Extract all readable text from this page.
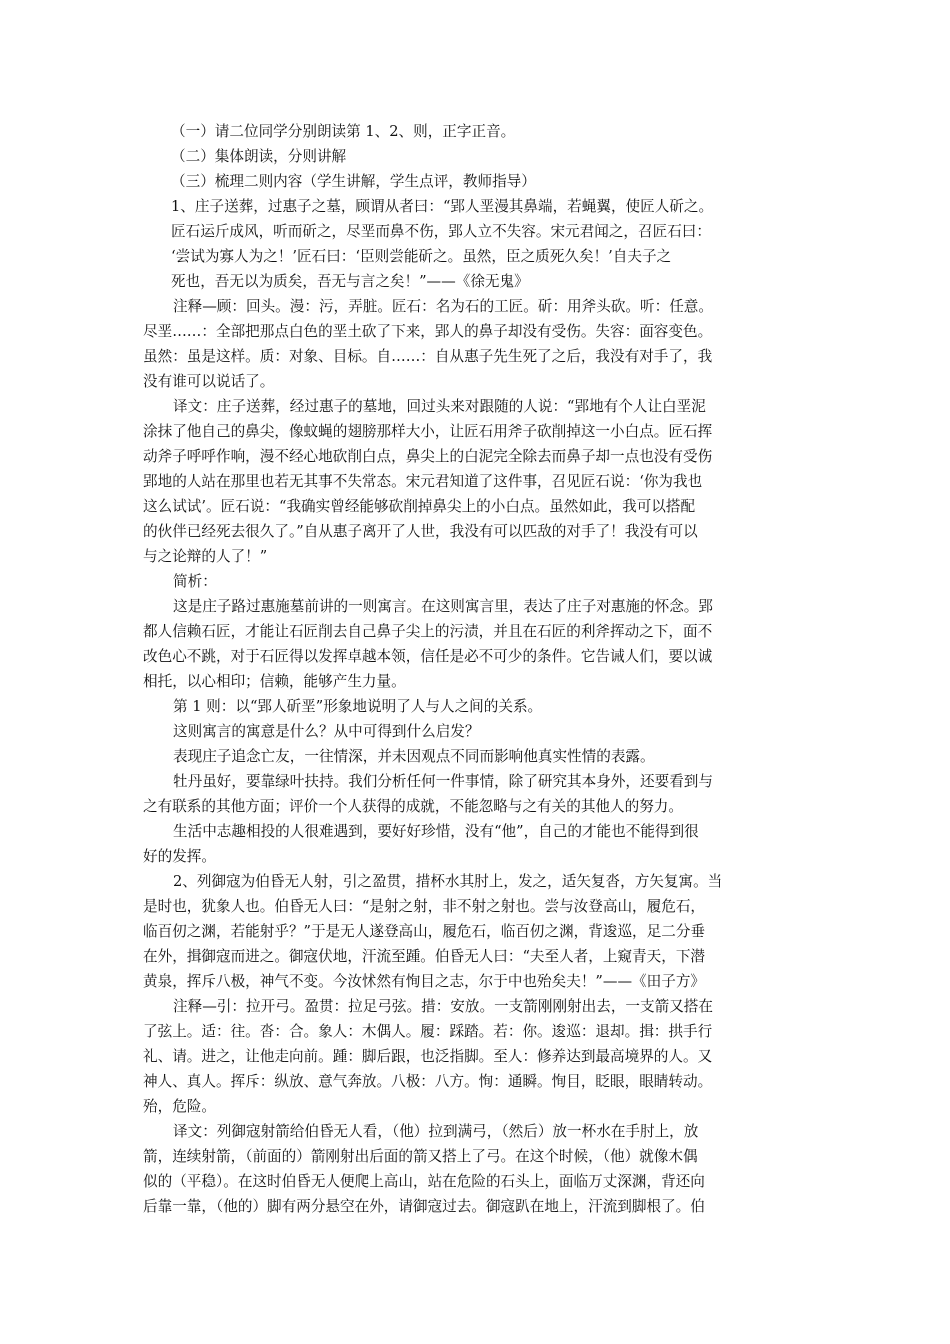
（一）请二位同学分别朗读第 1、2、则，正字正音。
（二）集体朗读，分则讲解
（三）梳理二则内容（学生讲解，学生点评，教师指导）
1、庄子送葬，过惠子之墓，顾谓从者曰：“郢人垩漫其鼻端，若蝇翼，使匠人斫之。
匠石运斤成风，听而斫之，尽垩而鼻不伤，郢人立不失容。宋元君闻之，召匠石曰：
‘尝试为寡人为之！’匠石曰：‘臣则尝能斫之。虽然，臣之质死久矣！’自夫子之
死也，吾无以为质矣，吾无与言之矣！”——《徐无鬼》
注释—顾：回头。漫：污，弄脏。匠石：名为石的工匠。斫：用斧头砍。听：任意。
尽垩……：全部把那点白色的垩土砍了下来，郢人的鼻子却没有受伤。失容：面容变色。
虽然：虽是这样。质：对象、目标。自……：自从惠子先生死了之后，我没有对手了，我
没有谁可以说话了。
译文：庄子送葬，经过惠子的墓地，回过头来对跟随的人说：“郢地有个人让白垩泥
涂抹了他自己的鼻尖，像蚊蝇的翅膀那样大小，让匠石用斧子砍削掉这一小白点。匠石挥
动斧子呼呼作响，漫不经心地砍削白点，鼻尖上的白泥完全除去而鼻子却一点也没有受伤
郢地的人站在那里也若无其事不失常态。宋元君知道了这件事，召见匠石说：‘你为我也
这么试试’。匠石说：“我确实曾经能够砍削掉鼻尖上的小白点。虽然如此，我可以搭配
的伙伴已经死去很久了。”自从惠子离开了人世，我没有可以匹敌的对手了！我没有可以
与之论辩的人了！”
简析：
这是庄子路过惠施墓前讲的一则寓言。在这则寓言里，表达了庄子对惠施的怀念。郢
都人信赖石匠，才能让石匠削去自己鼻子尖上的污渍，并且在石匠的利斧挥动之下，面不
改色心不跳，对于石匠得以发挥卓越本领，信任是必不可少的条件。它告诫人们，要以诚
相托，以心相印；信赖，能够产生力量。
第 1 则：以“郢人斫垩”形象地说明了人与人之间的关系。
这则寓言的寓意是什么？从中可得到什么启发？
表现庄子追念亡友，一往情深，并未因观点不同而影响他真实性情的表露。
牡丹虽好，要靠绿叶扶持。我们分析任何一件事情，除了研究其本身外，还要看到与
之有联系的其他方面；评价一个人获得的成就，不能忽略与之有关的其他人的努力。
生活中志趣相投的人很难遇到，要好好珍惜，没有“他”，自己的才能也不能得到很
好的发挥。
2、列御寇为伯昏无人射，引之盈贯，措杯水其肘上，发之，适矢复沓，方矢复寓。当
是时也，犹象人也。伯昏无人曰：“是射之射，非不射之射也。尝与汝登高山，履危石，
临百仞之渊，若能射乎？”于是无人遂登高山，履危石，临百仞之渊，背逡巡，足二分垂
在外，揖御寇而进之。御寇伏地，汗流至踵。伯昏无人曰：“夫至人者，上窥青天，下潜
黄泉，挥斥八极，神气不变。今汝怵然有恂目之志，尔于中也殆矣夫！”——《田子方》
注释—引：拉开弓。盈贯：拉足弓弦。措：安放。一支箭刚刚射出去，一支箭又搭在
了弦上。适：往。沓：合。象人：木偶人。履：踩踏。若：你。逡巡：退却。揖：拱手行
礼、请。进之，让他走向前。踵：脚后跟，也泛指脚。至人：修养达到最高境界的人。又
神人、真人。挥斥：纵放、意气奔放。八极：八方。恂：通瞬。恂目，眨眼，眼睛转动。
殆，危险。
译文：列御寇射箭给伯昏无人看，（他）拉到满弓，（然后）放一杯水在手肘上，放
箭，连续射箭，（前面的）箭刚射出后面的箭又搭上了弓。在这个时候，（他）就像木偶
似的（平稳）。在这时伯昏无人便爬上高山，站在危险的石头上，面临万丈深渊，背还向
后靠一靠，（他的）脚有两分悬空在外，请御寇过去。御寇趴在地上，汗流到脚根了。伯
